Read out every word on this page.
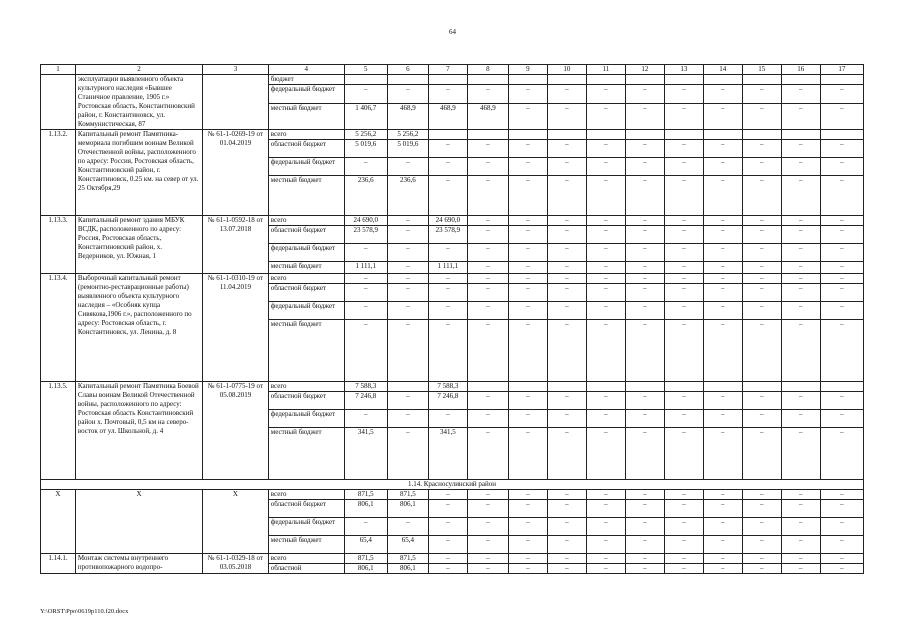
64
1	2	3	4	5	6	7	8	9	10	11	12	13	14	15	16	17
	эксплуатации выявленного объекта культурного наследия «Бывшее Станичное правление, 1905 г.» Ростовская область, Константиновский район, г. Константиновск, ул. Коммунистическая, 87		бюджет													
			федеральный бюджет	–	–	–	–	–	–	–	–	–	–	–	–	–
			местный бюджет	1 406,7	468,9	468,9	468,9	–	–	–	–	–	–	–	–	–
1.13.2.	Капитальный ремонт Памятника-мемориала погибшим воинам Великой Отечественной войны, расположенного по адресу: Россия, Ростовская область, Константиновский район, г. Константиновск, 0.25 км. на север от ул. 25 Октября,29	№ 61-1-0269-19 от 01.04.2019	всего	5 256,2	5 256,2											
			областной бюджет	5 019,6	5 019,6	–	–	–	–	–	–	–	–	–	–	–
			федеральный бюджет	–	–	–	–	–	–	–	–	–	–	–	–	–
			местный бюджет	236,6	236,6	–	–	–	–	–	–	–	–	–	–	–
1.13.3.	Капитальный ремонт здания МБУК ВСДК, расположенного по адресу: Россия, Ростовская область, Константиновский район, х. Ведерников, ул. Южная, 1	№ 61-1-0592-18 от 13.07.2018	всего	24 690,0	–	24 690,0	–	–	–	–	–	–	–	–	–	–
			областной бюджет	23 578,9	–	23 578,9	–	–	–	–	–	–	–	–	–	–
			федеральный бюджет	–	–	–	–	–	–	–	–	–	–	–	–	–
			местный бюджет	1 111,1	–	1 111,1	–	–	–	–	–	–	–	–	–	–
1.13.4.	Выборочный капитальный ремонт (ремонтно-реставрационные работы) выявленного объекта культурного наследия – «Особняк купца Сивякова,1906 г.», расположенного по адресу: Ростовская область, г. Константиновск, ул. Ленина, д. 8	№ 61-1-0310-19 от 11.04.2019	всего	–	–	–	–	–	–	–	–	–	–	–	–	–
			областной бюджет	–	–	–	–	–	–	–	–	–	–	–	–	–
			федеральный бюджет	–	–	–	–	–	–	–	–	–	–	–	–	–
			местный бюджет	–	–	–	–	–	–	–	–	–	–	–	–	–
1.13.5.	Капитальный ремонт Памятника Боевой Славы воинам Великой Отечественной войны, расположенного по адресу: Ростовская область Константиновский район х. Почтовый, 0,5 км на северо-восток от ул. Школьной, д. 4	№ 61-1-0775-19 от 05.08.2019	всего	7 588,3		7 588,3										
			областной бюджет	7 246,8	–	7 246,8	–	–	–	–	–	–	–	–	–	–
			федеральный бюджет	–	–	–	–	–	–	–	–	–	–	–	–	–
			местный бюджет	341,5	–	341,5	–	–	–	–	–	–	–	–	–	–
1.14. Красносулинский район																
Х	Х	Х	всего	871,5	871,5	–	–	–	–	–	–	–	–	–	–	–
			областной бюджет	806,1	806,1	–	–	–	–	–	–	–	–	–	–	–
			федеральный бюджет	–	–	–	–	–	–	–	–	–	–	–	–	–
			местный бюджет	65,4	65,4	–	–	–	–	–	–	–	–	–	–	–
1.14.1.	Монтаж системы внутреннего противопожарного водопро-	№ 61-1-0329-18 от 03.05.2018	всего	871,5	871,5	–	–	–	–	–	–	–	–	–	–	–
			областной	806,1	806,1	–	–	–	–	–	–	–	–	–	–	–
Y:\ORST\Ppo\0619p110.f20.docx
